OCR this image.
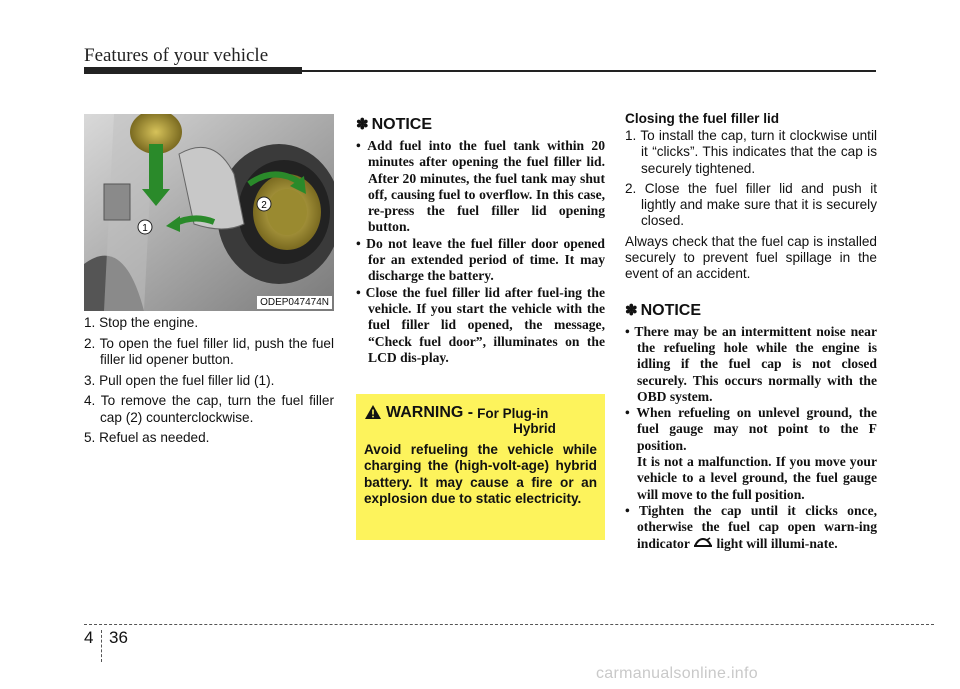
Features of your vehicle
1
2
ODEP047474N
1. Stop the engine.
2. To open the fuel filler lid, push the fuel filler lid opener button.
3. Pull open the fuel filler lid (1).
4. To remove the cap, turn the fuel filler cap (2) counterclockwise.
5. Refuel as needed.
✽ NOTICE
• Add fuel into the fuel tank within 20 minutes after opening the fuel filler lid. After 20 minutes, the fuel tank may shut off, causing fuel to overflow. In this case, re-press the fuel filler lid opening button.
• Do not leave the fuel filler door opened for an extended period of time. It may discharge the battery.
• Close the fuel filler lid after fuel-ing the vehicle. If you start the vehicle with the fuel filler lid opened, the message, “Check fuel door”, illuminates on the LCD dis-play.
WARNING - For Plug-in
Hybrid
Avoid refueling the vehicle while charging the (high-volt-age) hybrid battery. It may cause a fire or an explosion due to static electricity.
Closing the fuel filler lid
1. To install the cap, turn it clockwise until it “clicks”. This indicates that the cap is securely tightened.
2. Close the fuel filler lid and push it lightly and make sure that it is securely closed.
Always check that the fuel cap is installed securely to prevent fuel spillage in the event of an accident.
✽ NOTICE
• There may be an intermittent noise near the refueling hole while the engine is idling if the fuel cap is not closed securely. This occurs normally with the OBD system.
• When refueling on unlevel ground, the fuel gauge may not point to the F position.
It is not a malfunction. If you move your vehicle to a level ground, the fuel gauge will move to the full position.
• Tighten the cap until it clicks once, otherwise the fuel cap open warn-ing indicator light will illumi-nate.
4 36
carmanualsonline.info
